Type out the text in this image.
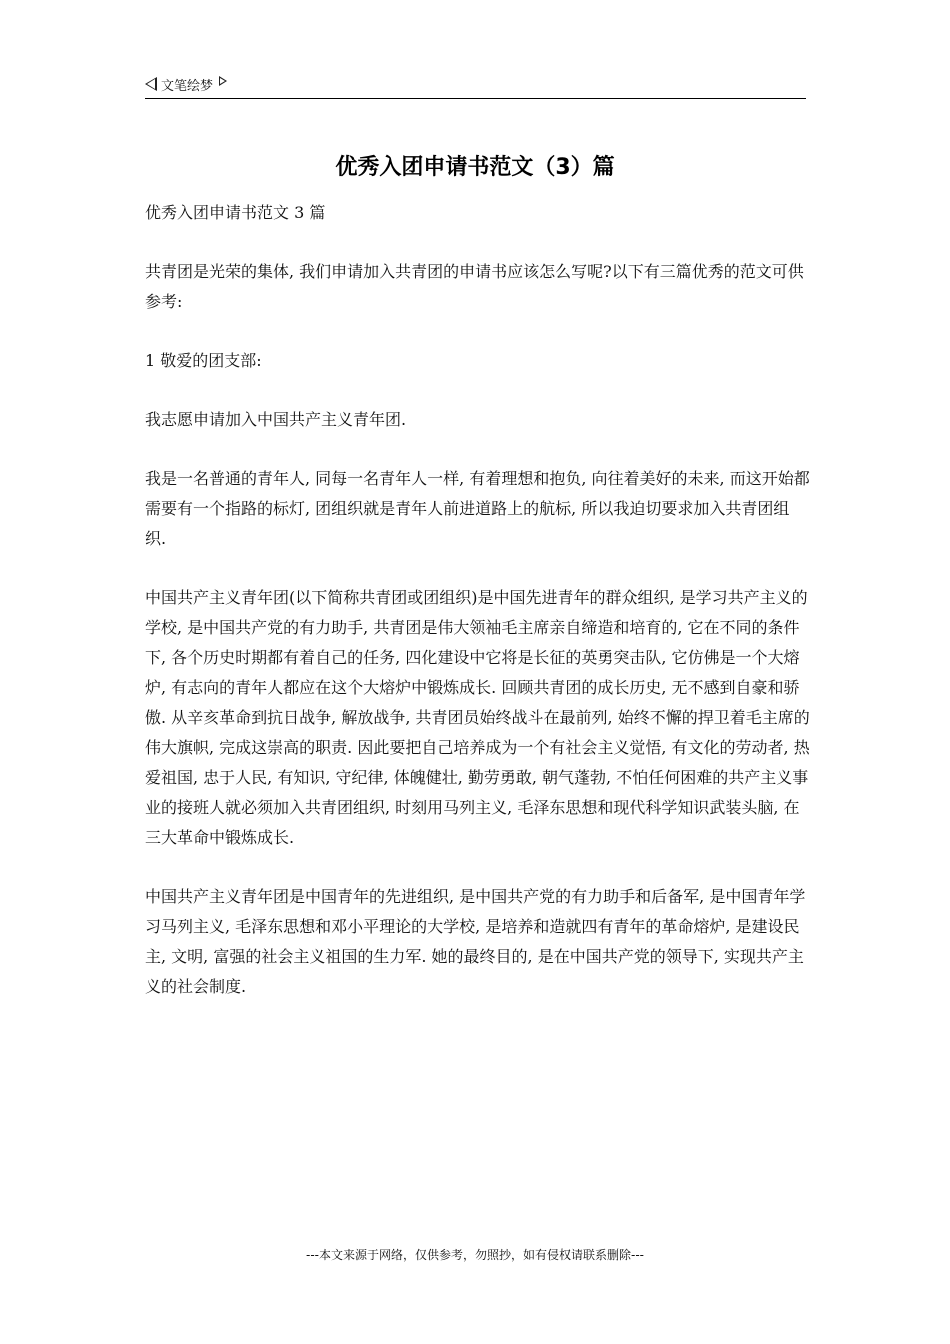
文笔绘梦
优秀入团申请书范文（3）篇

优秀入团申请书范文 3 篇

共青团是光荣的集体, 我们申请加入共青团的申请书应该怎么写呢?以下有三篇优秀的范文可供参考:

1 敬爱的团支部:

我志愿申请加入中国共产主义青年团.

我是一名普通的青年人, 同每一名青年人一样, 有着理想和抱负, 向往着美好的未来, 而这开始都需要有一个指路的标灯, 团组织就是青年人前进道路上的航标, 所以我迫切要求加入共青团组织.

中国共产主义青年团(以下简称共青团或团组织)是中国先进青年的群众组织, 是学习共产主义的学校, 是中国共产党的有力助手, 共青团是伟大领袖毛主席亲自缔造和培育的, 它在不同的条件下, 各个历史时期都有着自己的任务, 四化建设中它将是长征的英勇突击队, 它仿佛是一个大熔炉, 有志向的青年人都应在这个大熔炉中锻炼成长. 回顾共青团的成长历史, 无不感到自豪和骄傲. 从辛亥革命到抗日战争, 解放战争, 共青团员始终战斗在最前列, 始终不懈的捍卫着毛主席的伟大旗帜, 完成这崇高的职责. 因此要把自己培养成为一个有社会主义觉悟, 有文化的劳动者, 热爱祖国, 忠于人民, 有知识, 守纪律, 体魄健壮, 勤劳勇敢, 朝气蓬勃, 不怕任何困难的共产主义事业的接班人就必须加入共青团组织, 时刻用马列主义, 毛泽东思想和现代科学知识武装头脑, 在三大革命中锻炼成长.

中国共产主义青年团是中国青年的先进组织, 是中国共产党的有力助手和后备军, 是中国青年学习马列主义, 毛泽东思想和邓小平理论的大学校, 是培养和造就四有青年的革命熔炉, 是建设民主, 文明, 富强的社会主义祖国的生力军. 她的最终目的, 是在中国共产党的领导下, 实现共产主义的社会制度.

---本文来源于网络，仅供参考，勿照抄，如有侵权请联系删除---
